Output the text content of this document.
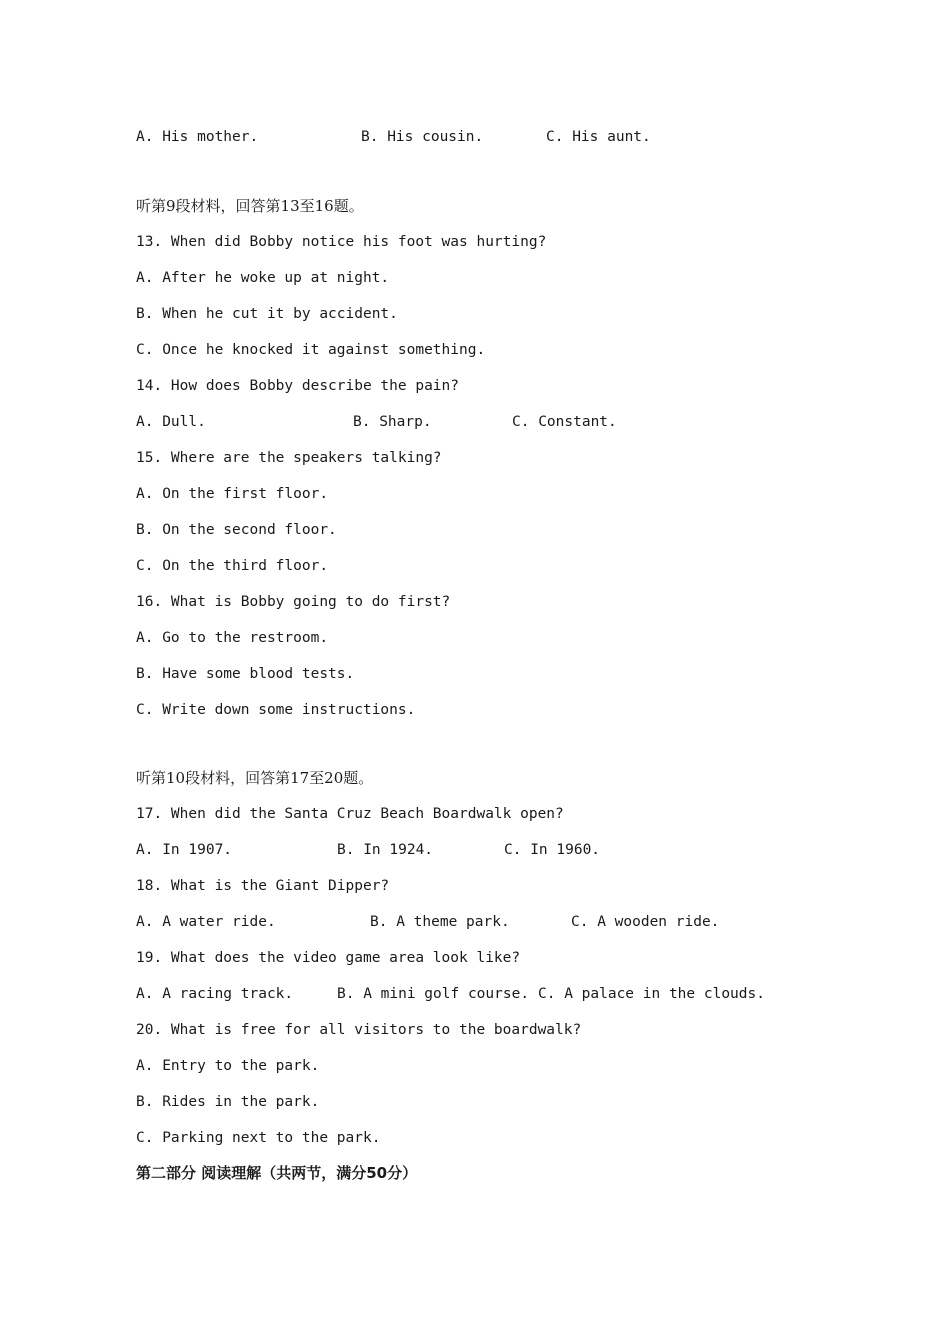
A. His mother.	B. His cousin.	C. His aunt.
听第9段材料，回答第13至16题。
13. When did Bobby notice his foot was hurting?
A. After he woke up at night.
B. When he cut it by accident.
C. Once he knocked it against something.
14. How does Bobby describe the pain?
A. Dull.	B. Sharp.	C. Constant.
15. Where are the speakers talking?
A. On the first floor.
B. On the second floor.
C. On the third floor.
16. What is Bobby going to do first?
A. Go to the restroom.
B. Have some blood tests.
C. Write down some instructions.
听第10段材料，回答第17至20题。
17. When did the Santa Cruz Beach Boardwalk open?
A. In 1907.	B. In 1924.	C. In 1960.
18. What is the Giant Dipper?
A. A water ride.	B. A theme park.	C. A wooden ride.
19. What does the video game area look like?
A. A racing track.	B. A mini golf course. C. A palace in the clouds.
20. What is free for all visitors to the boardwalk?
A. Entry to the park.
B. Rides in the park.
C. Parking next to the park.
第二部分 阅读理解（共两节，满分50分）
